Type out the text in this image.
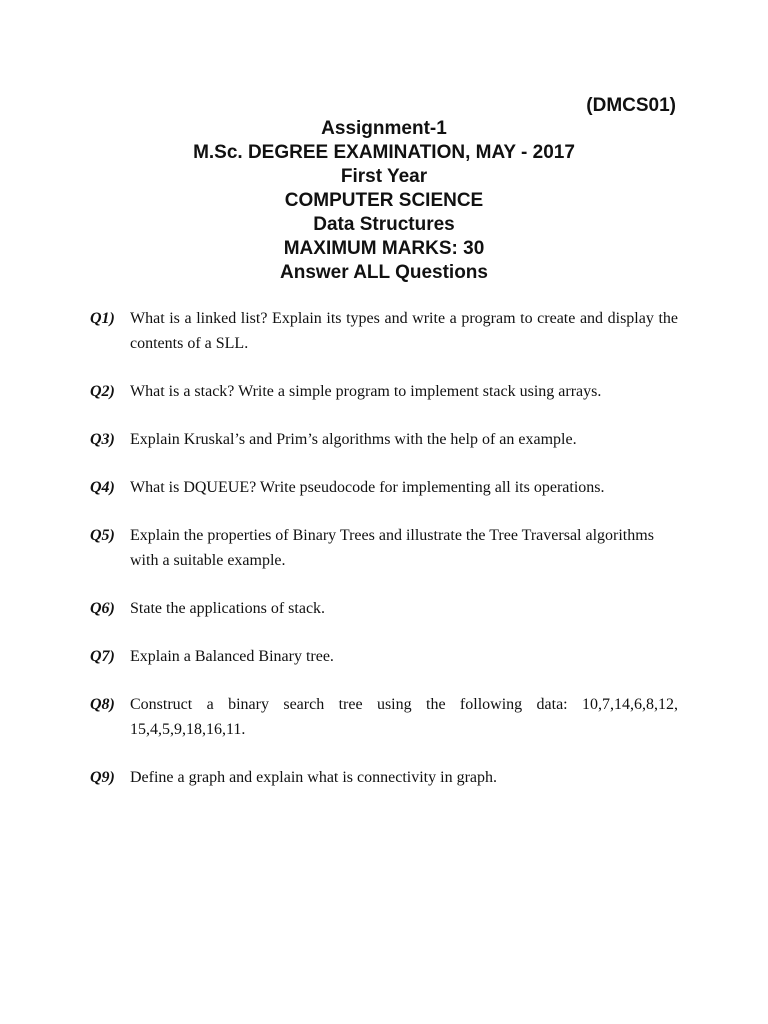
(DMCS01)
Assignment-1
M.Sc. DEGREE EXAMINATION, MAY - 2017
First Year
COMPUTER SCIENCE
Data Structures
MAXIMUM MARKS: 30
Answer ALL Questions
Q1) What is a linked list? Explain its types and write a program to create and display the contents of a SLL.
Q2) What is a stack? Write a simple program to implement stack using arrays.
Q3) Explain Kruskal’s and Prim’s algorithms with the help of an example.
Q4) What is DQUEUE? Write pseudocode for implementing all its operations.
Q5) Explain the properties of Binary Trees and illustrate the Tree Traversal algorithms with a suitable example.
Q6) State the applications of stack.
Q7) Explain a Balanced Binary tree.
Q8) Construct a binary search tree using the following data: 10,7,14,6,8,12, 15,4,5,9,18,16,11.
Q9) Define a graph and explain what is connectivity in graph.
